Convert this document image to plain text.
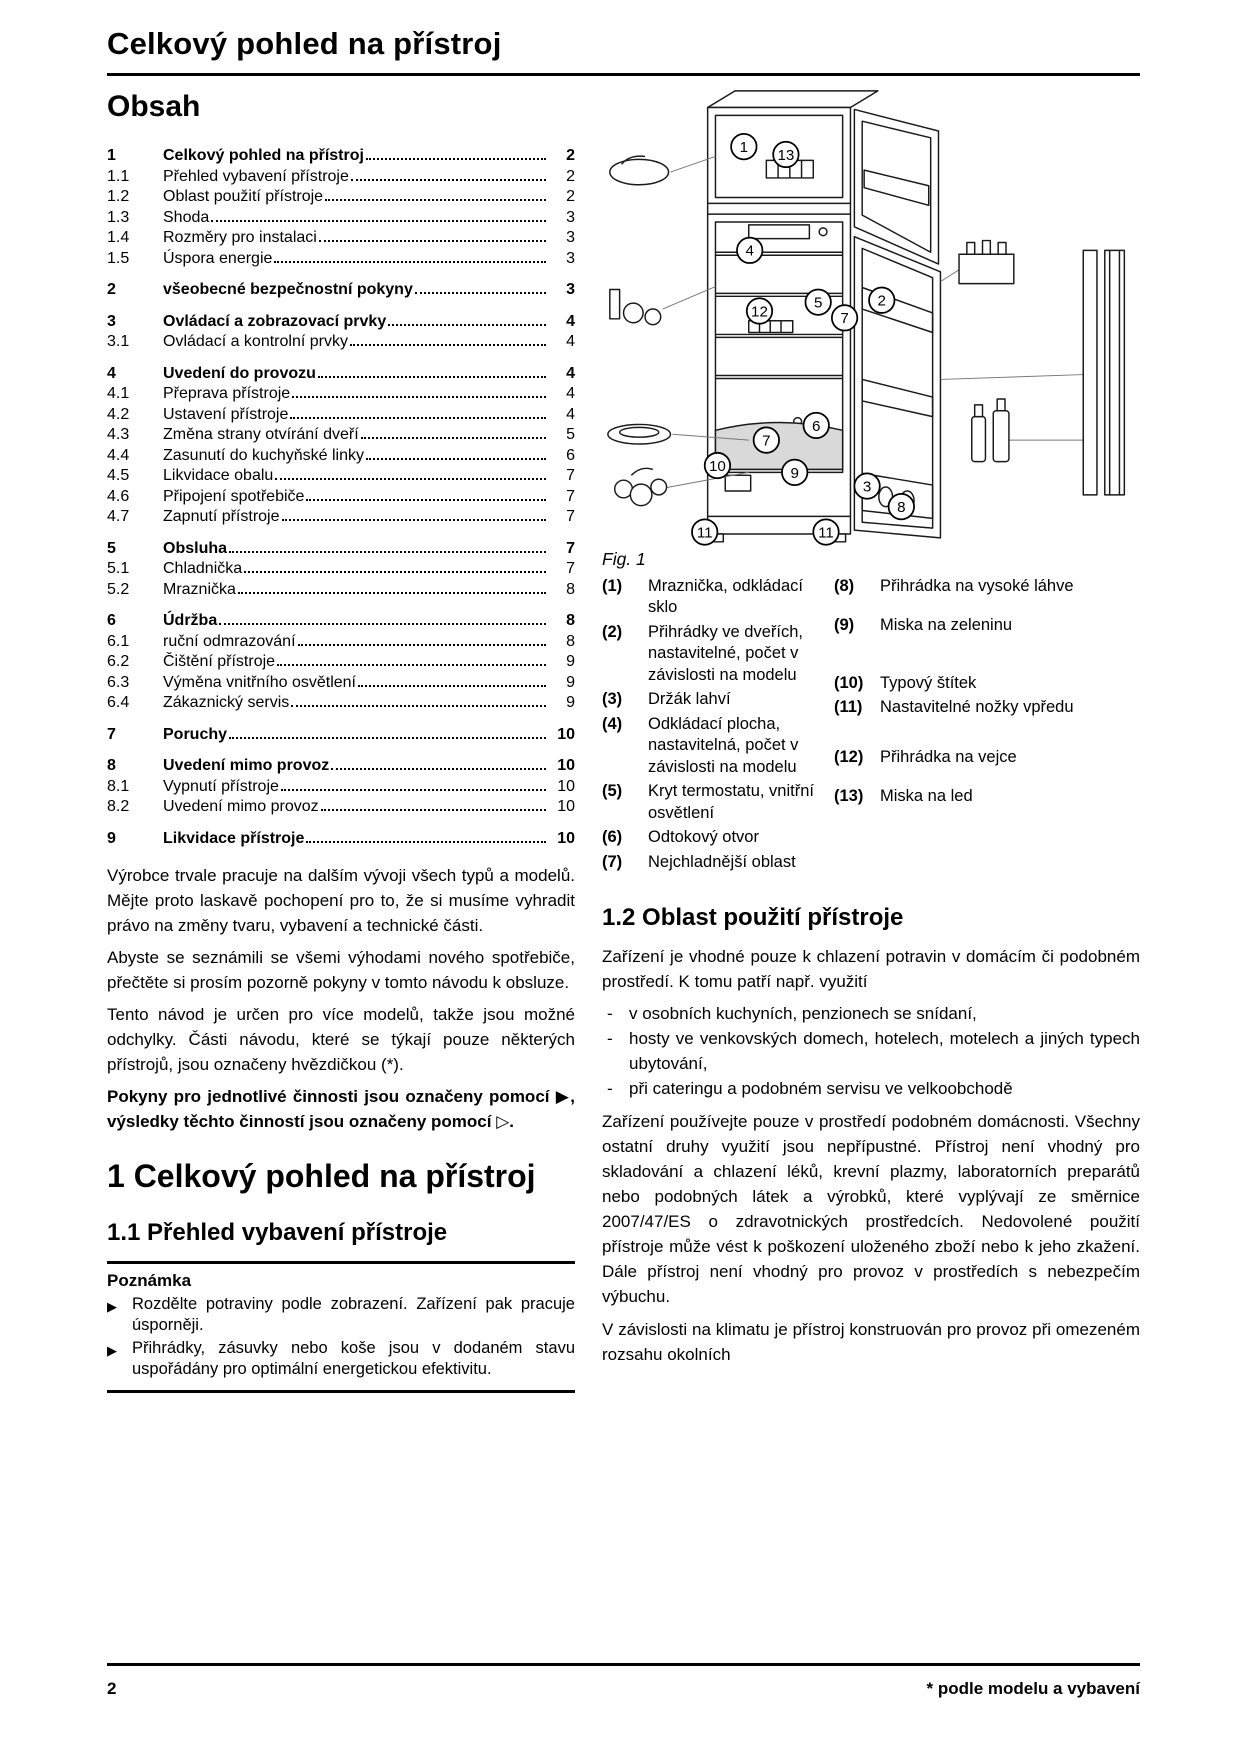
Celkový pohled na přístroj
Obsah
1	Celkový pohled na přístroj	2
1.1	Přehled vybavení přístroje	2
1.2	Oblast použití přístroje	2
1.3	Shoda	3
1.4	Rozměry pro instalaci	3
1.5	Úspora energie	3
2	všeobecné bezpečnostní pokyny	3
3	Ovládací a zobrazovací prvky	4
3.1	Ovládací a kontrolní prvky	4
4	Uvedení do provozu	4
4.1	Přeprava přístroje	4
4.2	Ustavení přístroje	4
4.3	Změna strany otvírání dveří	5
4.4	Zasunutí do kuchyňské linky	6
4.5	Likvidace obalu	7
4.6	Připojení spotřebiče	7
4.7	Zapnutí přístroje	7
5	Obsluha	7
5.1	Chladnička	7
5.2	Mraznička	8
6	Údržba	8
6.1	ruční odmrazování	8
6.2	Čištění přístroje	9
6.3	Výměna vnitřního osvětlení	9
6.4	Zákaznický servis	9
7	Poruchy	10
8	Uvedení mimo provoz	10
8.1	Vypnutí přístroje	10
8.2	Uvedení mimo provoz	10
9	Likvidace přístroje	10

Výrobce trvale pracuje na dalším vývoji všech typů a modelů. Mějte proto laskavě pochopení pro to, že si musíme vyhradit právo na změny tvaru, vybavení a technické části.

Abyste se seznámili se všemi výhodami nového spotřebiče, přečtěte si prosím pozorně pokyny v tomto návodu k obsluze.

Tento návod je určen pro více modelů, takže jsou možné odchylky. Části návodu, které se týkají pouze některých přístrojů, jsou označeny hvězdičkou (*).

Pokyny pro jednotlivé činnosti jsou označeny pomocí ▶, výsledky těchto činností jsou označeny pomocí ▷.

1 Celkový pohled na přístroj
1.1 Přehled vybavení přístroje
Poznámka
▶ Rozdělte potraviny podle zobrazení. Zařízení pak pracuje úsporněji.
▶ Přihrádky, zásuvky nebo koše jsou v dodaném stavu uspořádány pro optimální energetickou efektivitu.
1 13
4
12
5	2
7
6
7
10	9
3
8
11	11
Fig. 1
(1)	Mraznička, odkládací sklo
(2)	Přihrádky ve dveřích, nastavitelné, počet v závislosti na modelu
(3)	Držák lahví
(4)	Odkládací plocha, nastavitelná, počet v závislosti na modelu
(5)	Kryt termostatu, vnitřní osvětlení
(6)	Odtokový otvor
(7)	Nejchladnější oblast
(8)	Přihrádka na vysoké láhve
(9)	Miska na zeleninu
(10)	Typový štítek
(11)	Nastavitelné nožky vpředu
(12)	Přihrádka na vejce
(13)	Miska na led
1.2 Oblast použití přístroje

Zařízení je vhodné pouze k chlazení potravin v domácím či podobném prostředí. K tomu patří např. využití

- v osobních kuchyních, penzionech se snídaní,
- hosty ve venkovských domech, hotelech, motelech a jiných typech ubytování,
- při cateringu a podobném servisu ve velkoobchodě

Zařízení používejte pouze v prostředí podobném domácnosti. Všechny ostatní druhy využití jsou nepřípustné. Přístroj není vhodný pro skladování a chlazení léků, krevní plazmy, laboratorních preparátů nebo podobných látek a výrobků, které vyplývají ze směrnice 2007/47/ES o zdravotnických prostředcích. Nedovolené použití přístroje může vést k poškození uloženého zboží nebo k jeho zkažení. Dále přístroj není vhodný pro provoz v prostředích s nebezpečím výbuchu.

V závislosti na klimatu je přístroj konstruován pro provoz při omezeném rozsahu okolních

2	* podle modelu a vybavení
